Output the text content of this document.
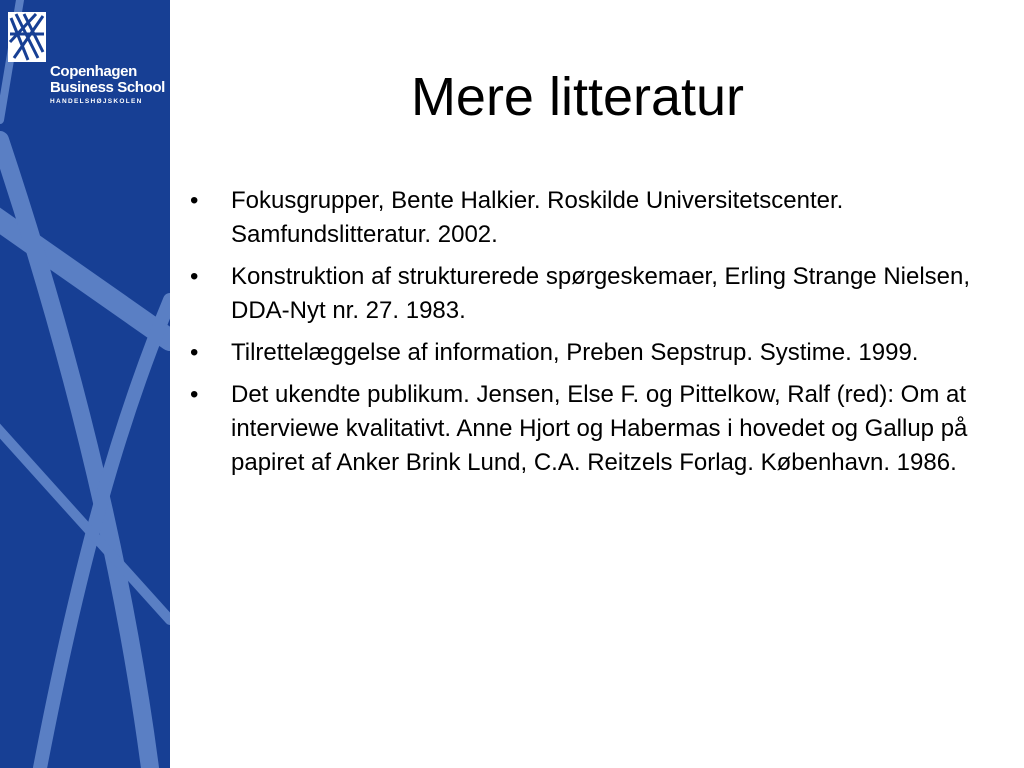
Copenhagen
Business School
HANDELSHØJSKOLEN	Mere litteratur
• Fokusgrupper, Bente Halkier. Roskilde Universitetscenter. Samfundslitteratur. 2002.
• Konstruktion af strukturerede spørgeskemaer, Erling Strange Nielsen, DDA-Nyt nr. 27. 1983.
• Tilrettelæggelse af information, Preben Sepstrup. Systime. 1999.
• Det ukendte publikum. Jensen, Else F. og Pittelkow, Ralf (red): Om at interviewe kvalitativt. Anne Hjort og Habermas i hovedet og Gallup på papiret af Anker Brink Lund, C.A. Reitzels Forlag. København. 1986.
